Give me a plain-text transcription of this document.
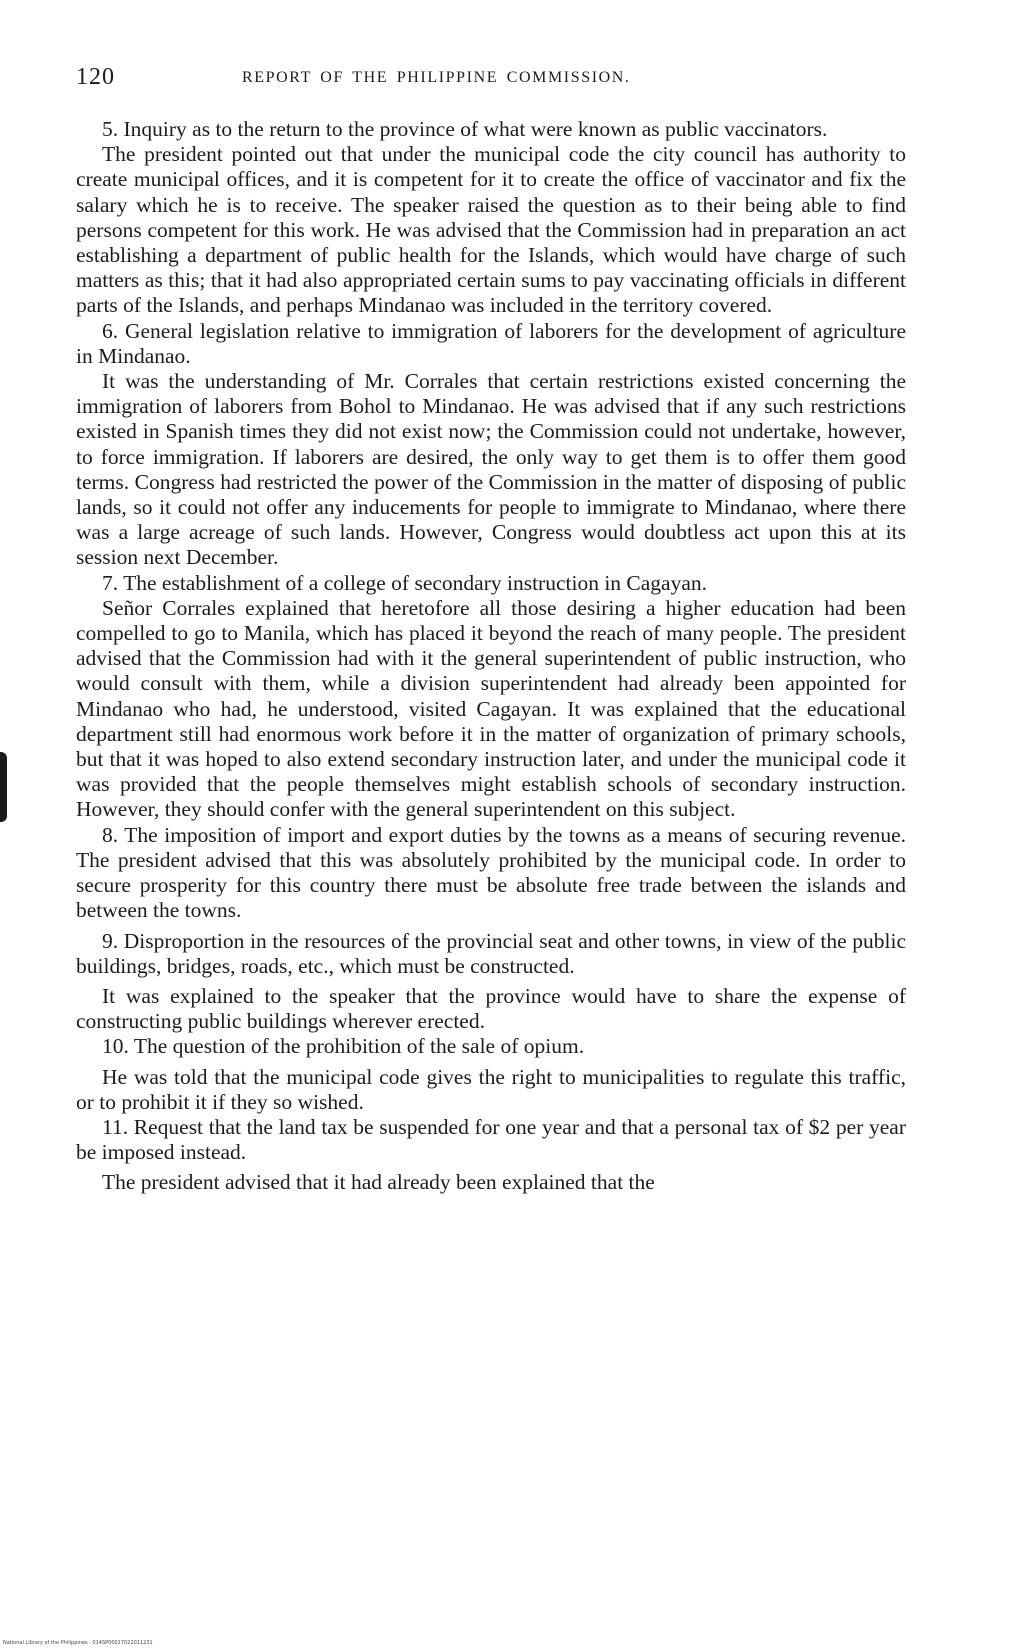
120	REPORT OF THE PHILIPPINE COMMISSION.

5. Inquiry as to the return to the province of what were known as public vaccinators.

The president pointed out that under the municipal code the city council has authority to create municipal offices, and it is competent for it to create the office of vaccinator and fix the salary which he is to receive. The speaker raised the question as to their being able to find persons competent for this work. He was advised that the Commission had in preparation an act establishing a department of public health for the Islands, which would have charge of such matters as this; that it had also appropriated certain sums to pay vaccinating officials in different parts of the Islands, and perhaps Mindanao was included in the territory covered.

6. General legislation relative to immigration of laborers for the development of agriculture in Mindanao.

It was the understanding of Mr. Corrales that certain restrictions existed concerning the immigration of laborers from Bohol to Mindanao. He was advised that if any such restrictions existed in Spanish times they did not exist now; the Commission could not undertake, however, to force immigration. If laborers are desired, the only way to get them is to offer them good terms. Congress had restricted the power of the Commission in the matter of disposing of public lands, so it could not offer any inducements for people to immigrate to Mindanao, where there was a large acreage of such lands. However, Congress would doubtless act upon this at its session next December.

7. The establishment of a college of secondary instruction in Cagayan.

Señor Corrales explained that heretofore all those desiring a higher education had been compelled to go to Manila, which has placed it beyond the reach of many people. The president advised that the Commission had with it the general superintendent of public instruction, who would consult with them, while a division superintendent had already been appointed for Mindanao who had, he understood, visited Cagayan. It was explained that the educational department still had enormous work before it in the matter of organization of primary schools, but that it was hoped to also extend secondary instruction later, and under the municipal code it was provided that the people themselves might establish schools of secondary instruction. However, they should confer with the general superintendent on this subject.

8. The imposition of import and export duties by the towns as a means of securing revenue. The president advised that this was absolutely prohibited by the municipal code. In order to secure prosperity for this country there must be absolute free trade between the islands and between the towns.

9. Disproportion in the resources of the provincial seat and other towns, in view of the public buildings, bridges, roads, etc., which must be constructed.

It was explained to the speaker that the province would have to share the expense of constructing public buildings wherever erected.

10. The question of the prohibition of the sale of opium.

He was told that the municipal code gives the right to municipalities to regulate this traffic, or to prohibit it if they so wished.

11. Request that the land tax be suspended for one year and that a personal tax of $2 per year be imposed instead.

The president advised that it had already been explained that the

National Library of the Philippines · 014SP00017022011231
